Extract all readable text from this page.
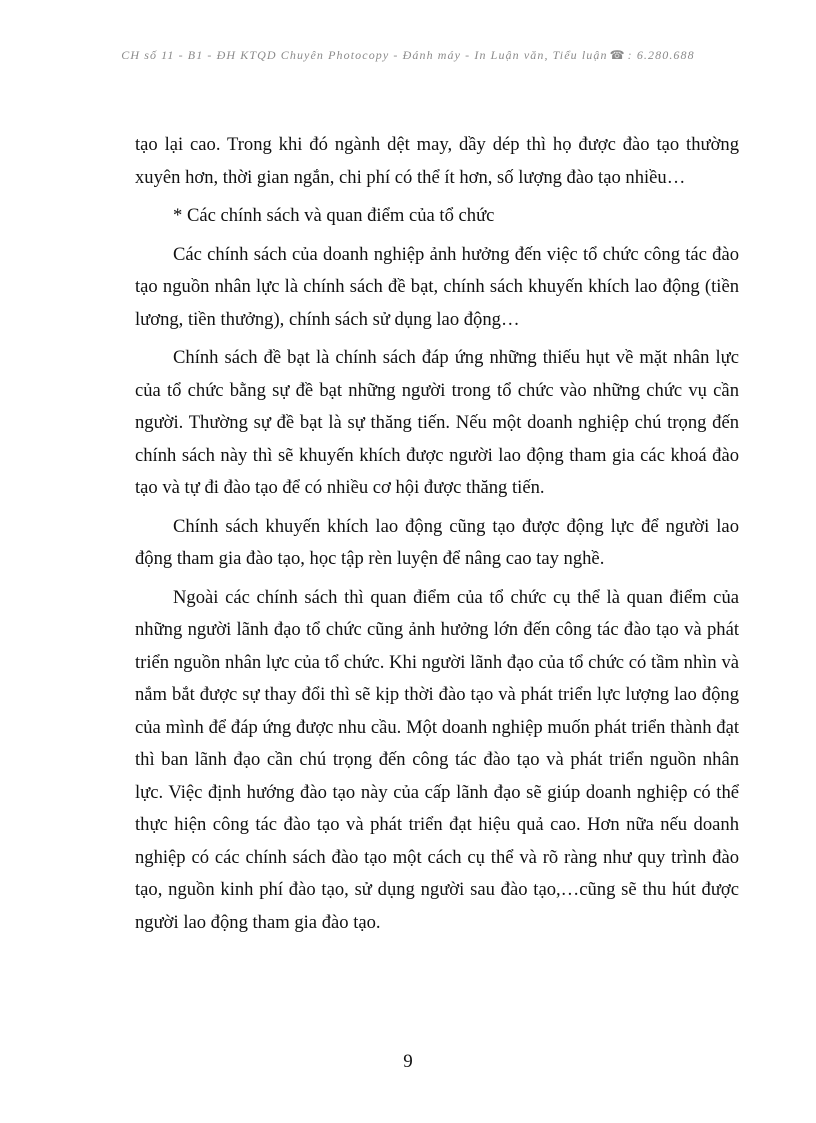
CH số 11 - B1 - ĐH KTQD Chuyên Photocopy - Đánh máy - In Luận văn, Tiểu luận ☎ : 6.280.688

tạo lại cao. Trong khi đó ngành dệt may, dầy dép thì họ được đào tạo thường xuyên hơn, thời gian ngắn, chi phí có thể ít hơn, số lượng đào tạo nhiều…

* Các chính sách và quan điểm của tổ chức

Các chính sách của doanh nghiệp ảnh hưởng đến việc tổ chức công tác đào tạo nguồn nhân lực là chính sách đề bạt, chính sách khuyến khích lao động (tiền lương, tiền thưởng), chính sách sử dụng lao động…

Chính sách đề bạt là chính sách đáp ứng những thiếu hụt về mặt nhân lực của tổ chức bằng sự đề bạt những người trong tổ chức vào những chức vụ cần người. Thường sự đề bạt là sự thăng tiến. Nếu một doanh nghiệp chú trọng đến chính sách này thì sẽ khuyến khích được người lao động tham gia các khoá đào tạo và tự đi đào tạo để có nhiều cơ hội được thăng tiến.

Chính sách khuyến khích lao động cũng tạo được động lực để người lao động tham gia đào tạo, học tập rèn luyện để nâng cao tay nghề.

Ngoài các chính sách thì quan điểm của tổ chức cụ thể là quan điểm của những người lãnh đạo tổ chức cũng ảnh hưởng lớn đến công tác đào tạo và phát triển nguồn nhân lực của tổ chức. Khi người lãnh đạo của tổ chức có tầm nhìn và nắm bắt được sự thay đổi thì sẽ kịp thời đào tạo và phát triển lực lượng lao động của mình để đáp ứng được nhu cầu. Một doanh nghiệp muốn phát triển thành đạt thì ban lãnh đạo cần chú trọng đến công tác đào tạo và phát triển nguồn nhân lực. Việc định hướng đào tạo này của cấp lãnh đạo sẽ giúp doanh nghiệp có thể thực hiện công tác đào tạo và phát triển đạt hiệu quả cao. Hơn nữa nếu doanh nghiệp có các chính sách đào tạo một cách cụ thể và rõ ràng như quy trình đào tạo, nguồn kinh phí đào tạo, sử dụng người sau đào tạo,…cũng sẽ thu hút được người lao động tham gia đào tạo.

9
